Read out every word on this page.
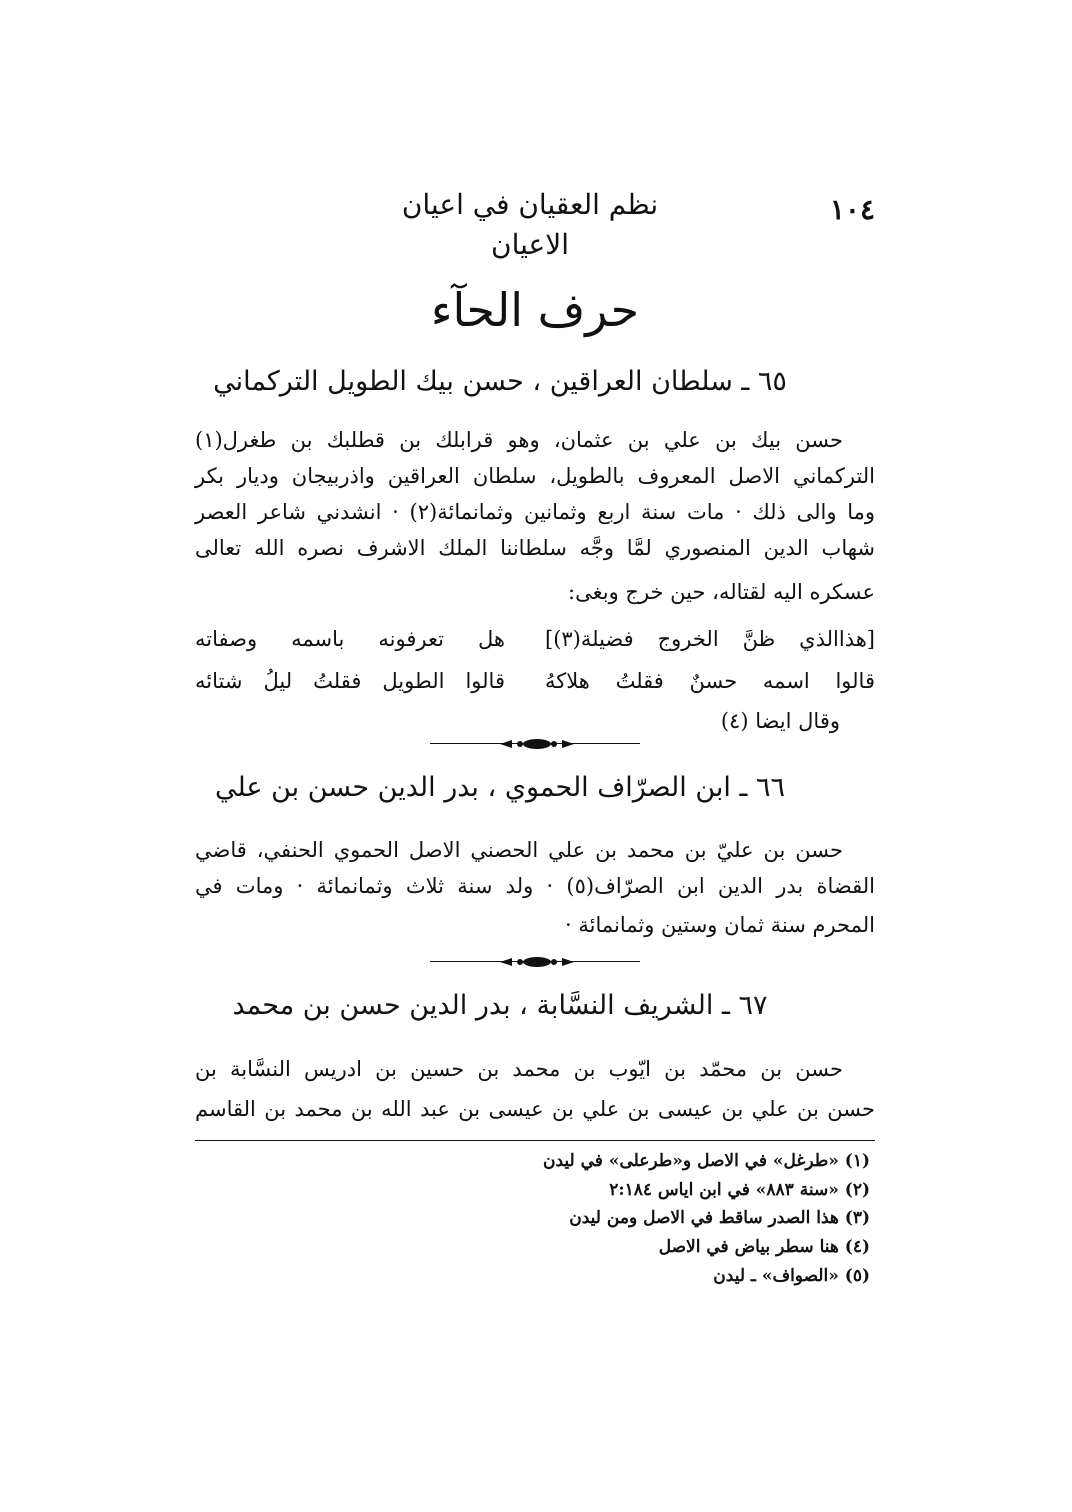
نظم العقيان في اعيان الاعيان
١٠٤
حرف الحآء
٦٥ ـ سلطان العراقين ، حسن بيك الطويل التركماني
حسن بيك بن علي بن عثمان، وهو قرابلك بن قطلبك بن طغرل(١)
التركماني الاصل المعروف بالطويل، سلطان العراقين واذربيجان وديار بكر
وما والى ذلك · مات سنة اربع وثمانين وثمانمائة(٢) · انشدني شاعر العصر
شهاب الدين المنصوري لمَّا وجَّه سلطاننا الملك الاشرف نصره الله تعالى
عسكره اليه لقتاله، حين خرج وبغى:
[هذاالذي ظنَّ الخروج فضيلة(٣)]
هل تعرفونه باسمه وصفاته
قالوا اسمه حسنٌ فقلتُ هلاكهُ
قالوا الطويل فقلتُ ليلُ شتائه
وقال ايضا (٤)
٦٦ ـ ابن الصرّاف الحموي ، بدر الدين حسن بن علي
حسن بن عليّ بن محمد بن علي الحصني الاصل الحموي الحنفي، قاضي
القضاة بدر الدين ابن الصرّاف(٥) · ولد سنة ثلاث وثمانمائة · ومات في
المحرم سنة ثمان وستين وثمانمائة ·
٦٧ ـ الشريف النسَّابة ، بدر الدين حسن بن محمد
حسن بن محمّد بن ايّوب بن محمد بن حسين بن ادريس النسَّابة بن
حسن بن علي بن عيسى بن علي بن عيسى بن عبد الله بن محمد بن القاسم
(١) «طرغل» في الاصل و«طرعلى» في ليدن
(٢) «سنة ٨٨٣» في ابن اياس ٢:١٨٤
(٣) هذا الصدر ساقط في الاصل ومن ليدن
(٤) هنا سطر بياض في الاصل
(٥) «الصواف» ـ ليدن
